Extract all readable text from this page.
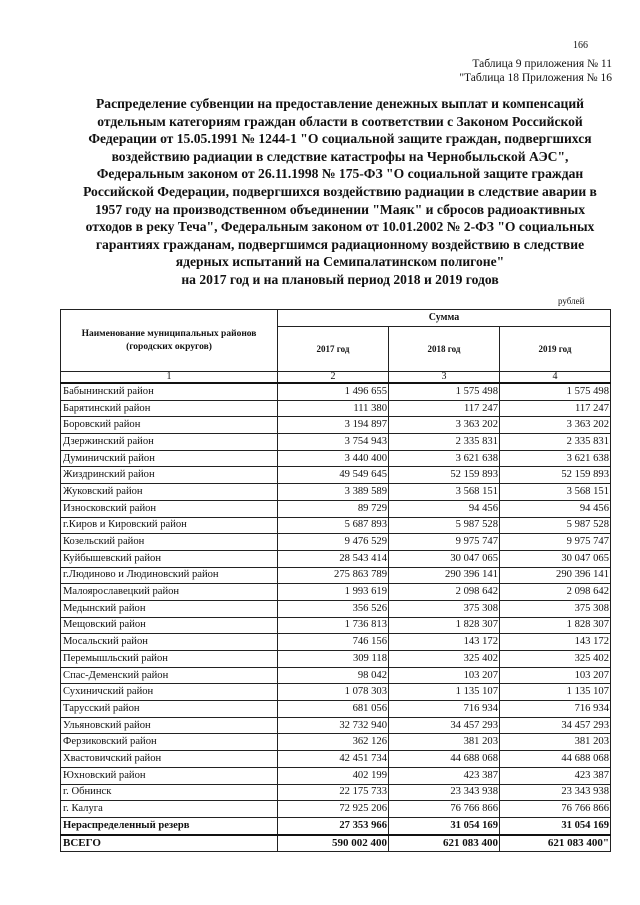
166
Таблица 9 приложения № 11
"Таблица 18 Приложения № 16
Распределение субвенции на предоставление денежных выплат и компенсаций
отдельным категориям граждан области в соответствии с Законом Российской
Федерации от 15.05.1991 № 1244-1 "О социальной защите граждан, подвергшихся
воздействию радиации в следствие катастрофы на Чернобыльской АЭС",
Федеральным законом от 26.11.1998 № 175-ФЗ "О социальной защите граждан
Российской Федерации, подвергшихся воздействию радиации в следствие аварии в
1957 году на производственном объединении "Маяк" и сбросов радиоактивных
отходов в реку Теча", Федеральным законом от 10.01.2002 № 2-ФЗ "О социальных
гарантиях гражданам, подвергшимся радиационному воздействию в следствие
ядерных испытаний на Семипалатинском полигоне"
на 2017 год и на плановый период 2018 и 2019 годов
рублей
Наименование муниципальных районов (городских округов)	Сумма		
	2017 год	2018 год	2019 год
1	2	3	4
Бабынинский район	1 496 655	1 575 498	1 575 498
Барятинский район	111 380	117 247	117 247
Боровский район	3 194 897	3 363 202	3 363 202
Дзержинский район	3 754 943	2 335 831	2 335 831
Думиничский район	3 440 400	3 621 638	3 621 638
Жиздринский район	49 549 645	52 159 893	52 159 893
Жуковский район	3 389 589	3 568 151	3 568 151
Износковский район	89 729	94 456	94 456
г.Киров и Кировский район	5 687 893	5 987 528	5 987 528
Козельский район	9 476 529	9 975 747	9 975 747
Куйбышевский район	28 543 414	30 047 065	30 047 065
г.Людиново и Людиновский район	275 863 789	290 396 141	290 396 141
Малоярославецкий район	1 993 619	2 098 642	2 098 642
Медынский район	356 526	375 308	375 308
Мещовский район	1 736 813	1 828 307	1 828 307
Мосальский район	746 156	143 172	143 172
Перемышльский район	309 118	325 402	325 402
Спас-Деменский район	98 042	103 207	103 207
Сухиничский район	1 078 303	1 135 107	1 135 107
Тарусский район	681 056	716 934	716 934
Ульяновский район	32 732 940	34 457 293	34 457 293
Ферзиковский район	362 126	381 203	381 203
Хвастовичский район	42 451 734	44 688 068	44 688 068
Юхновский район	402 199	423 387	423 387
г. Обнинск	22 175 733	23 343 938	23 343 938
г. Калуга	72 925 206	76 766 866	76 766 866
Нераспределенный резерв	27 353 966	31 054 169	31 054 169
ВСЕГО	590 002 400	621 083 400	621 083 400"
